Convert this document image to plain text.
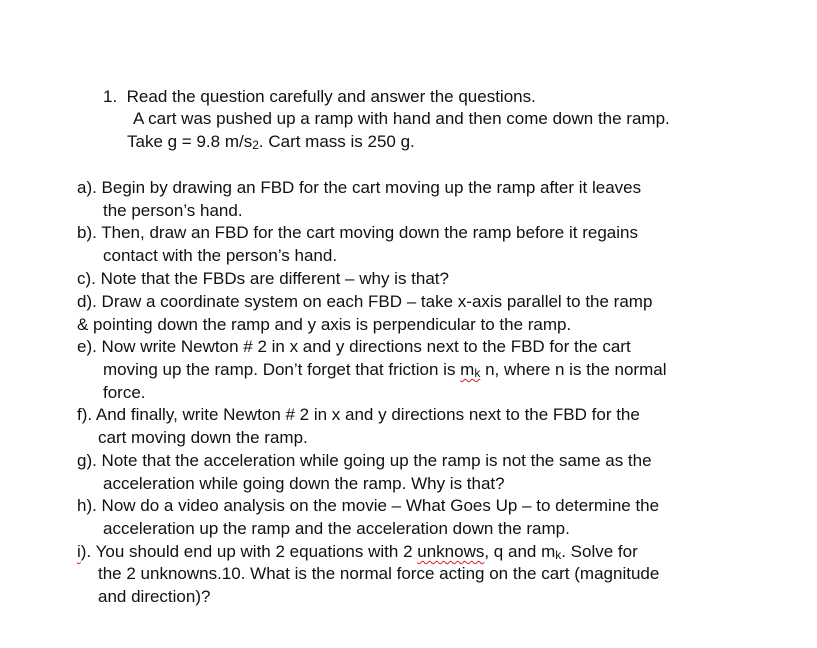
1. Read the question carefully and answer the questions.
A cart was pushed up a ramp with hand and then come down the ramp.
Take g = 9.8 m/s2. Cart mass is 250 g.
a). Begin by drawing an FBD for the cart moving up the ramp after it leaves
the person’s hand.
b). Then, draw an FBD for the cart moving down the ramp before it regains
contact with the person’s hand.
c). Note that the FBDs are different – why is that?
d). Draw a coordinate system on each FBD – take x-axis parallel to the ramp
& pointing down the ramp and y axis is perpendicular to the ramp.
e). Now write Newton # 2 in x and y directions next to the FBD for the cart
moving up the ramp. Don’t forget that friction is mk n, where n is the normal
force.
f). And finally, write Newton # 2 in x and y directions next to the FBD for the
cart moving down the ramp.
g). Note that the acceleration while going up the ramp is not the same as the
acceleration while going down the ramp. Why is that?
h). Now do a video analysis on the movie – What Goes Up – to determine the
acceleration up the ramp and the acceleration down the ramp.
i). You should end up with 2 equations with 2 unknows, q and mk. Solve for
the 2 unknowns.10. What is the normal force acting on the cart (magnitude
and direction)?
